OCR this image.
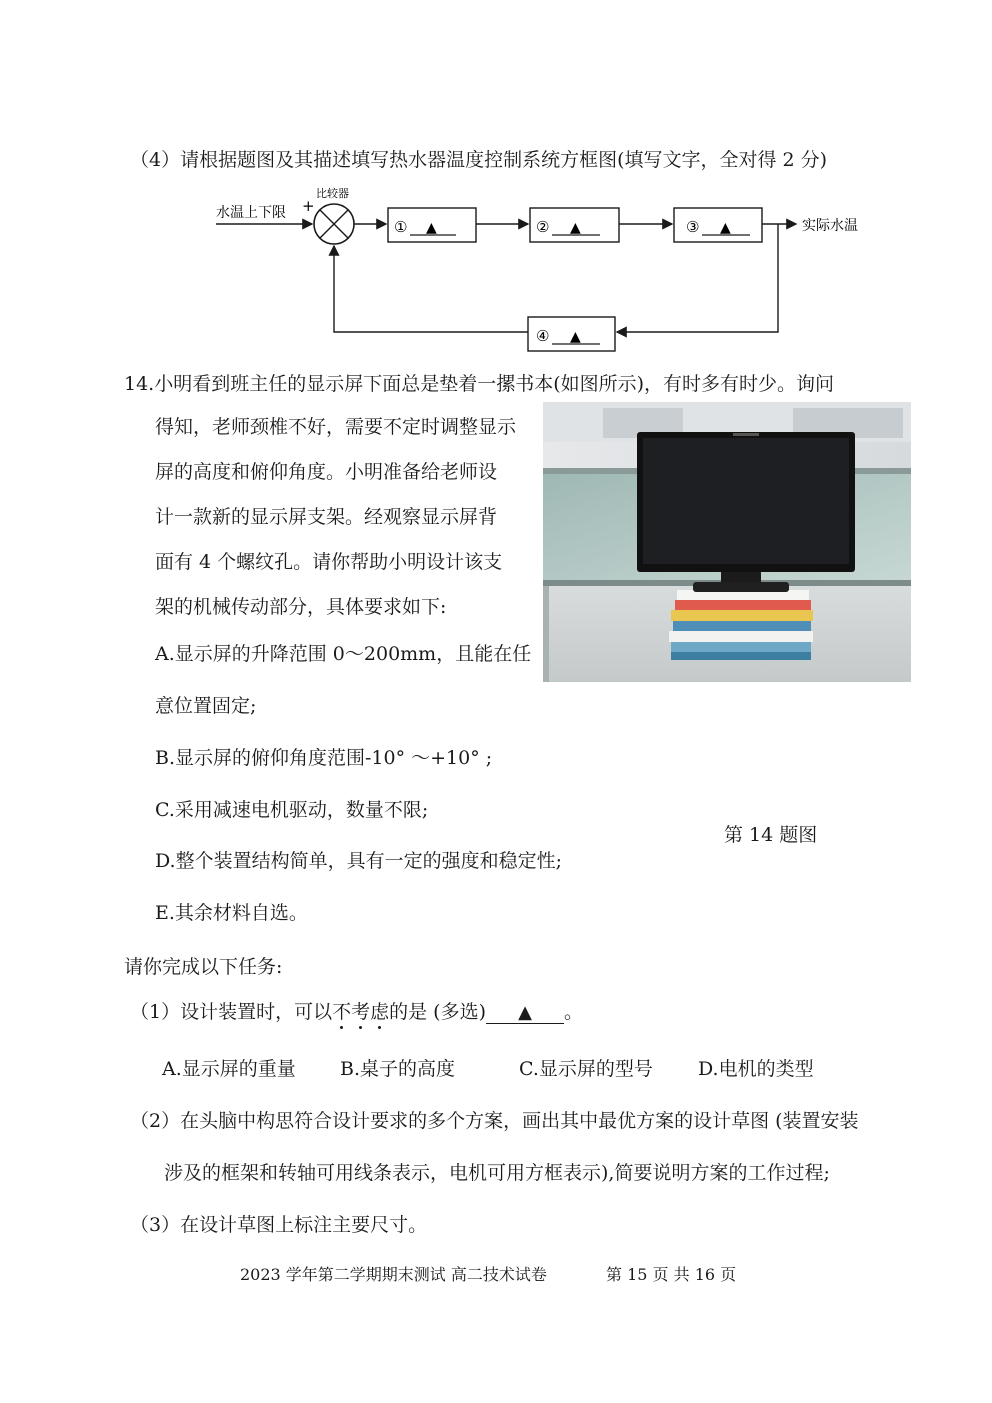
（4）请根据题图及其描述填写热水器温度控制系统方框图(填写文字，全对得 2 分)
水温上下限 +
比较器
① ▲	② ▲	③ ▲	实际水温
④ ▲
14.小明看到班主任的显示屏下面总是垫着一摞书本(如图所示)，有时多有时少。询问
得知，老师颈椎不好，需要不定时调整显示
屏的高度和俯仰角度。小明准备给老师设
计一款新的显示屏支架。经观察显示屏背
面有 4 个螺纹孔。请你帮助小明设计该支
架的机械传动部分，具体要求如下:
A.显示屏的升降范围 0～200mm，且能在任
意位置固定;
B.显示屏的俯仰角度范围-10° ～+10° ;
C.采用减速电机驱动，数量不限;
D.整个装置结构简单，具有一定的强度和稳定性;
E.其余材料自选。
第 14 题图
请你完成以下任务:
（1）设计装置时，可以不考虑的是 (多选) ▲ 。
A.显示屏的重量 B.桌子的高度	C.显示屏的型号 D.电机的类型
（2）在头脑中构思符合设计要求的多个方案，画出其中最优方案的设计草图 (装置安装
涉及的框架和转轴可用线条表示，电机可用方框表示),简要说明方案的工作过程;
（3）在设计草图上标注主要尺寸。
2023 学年第二学期期末测试 高二技术试卷	第 15 页 共 16 页
